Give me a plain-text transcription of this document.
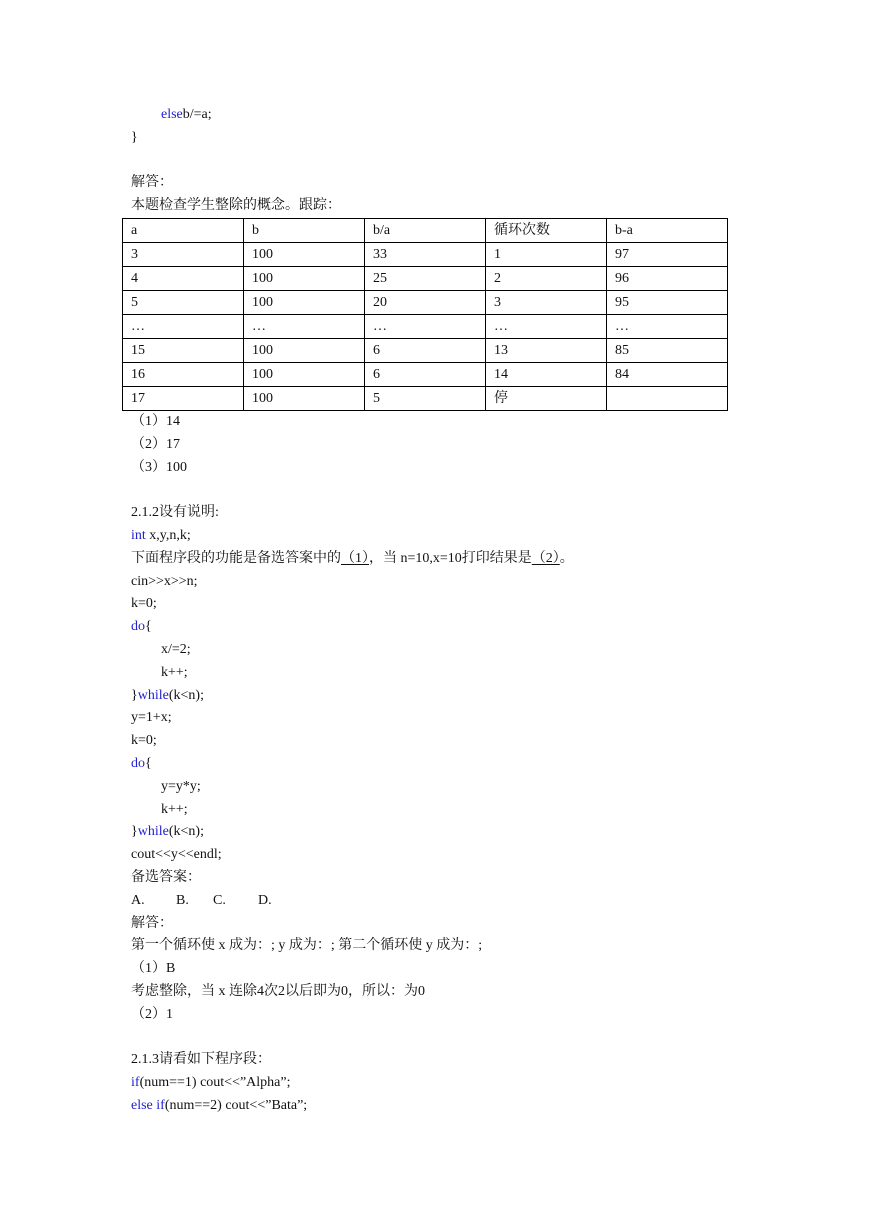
elseb/=a;
}
解答：
本题检查学生整除的概念。跟踪：
a	b	b/a	循环次数	b-a
3	100	33	1	97
4	100	25	2	96
5	100	20	3	95
…	…	…	…	…
15	100	6	13	85
16	100	6	14	84
17	100	5	停	
（1）14
（2）17
（3）100
2.1.2设有说明:
int x,y,n,k;
下面程序段的功能是备选答案中的（1），当 n=10,x=10打印结果是（2）。
cin>>x>>n;
k=0;
do{
x/=2;
k++;
}while(k<n);
y=1+x;
k=0;
do{
y=y*y;
k++;
}while(k<n);
cout<<y<<endl;
备选答案：
A. B. C. D.
解答：
第一个循环使 x 成为：; y 成为：; 第二个循环使 y 成为：;
（1）B
考虑整除，当 x 连除4次2以后即为0，所以：为0
（2）1
2.1.3请看如下程序段：
if(num==1) cout<<”Alpha”;
else if(num==2) cout<<”Bata”;
